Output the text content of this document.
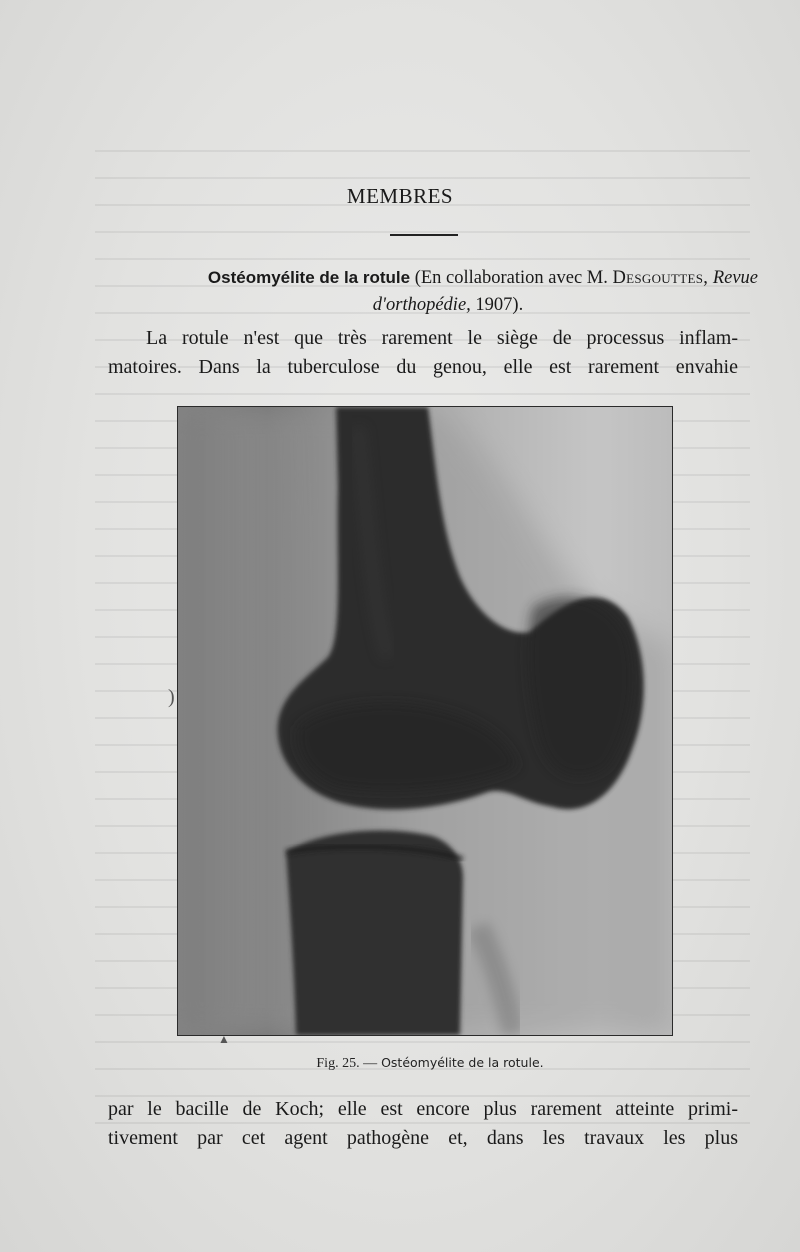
MEMBRES
Ostéomyélite de la rotule (En collaboration avec M. Desgouttes, Revue
d'orthopédie, 1907).
La rotule n'est que très rarement le siège de processus inflam-
matoires. Dans la tuberculose du genou, elle est rarement envahie
Fig. 25. — Ostéomyélite de la rotule.
par le bacille de Koch; elle est encore plus rarement atteinte primi-
tivement par cet agent pathogène et, dans les travaux les plus
)
▲
